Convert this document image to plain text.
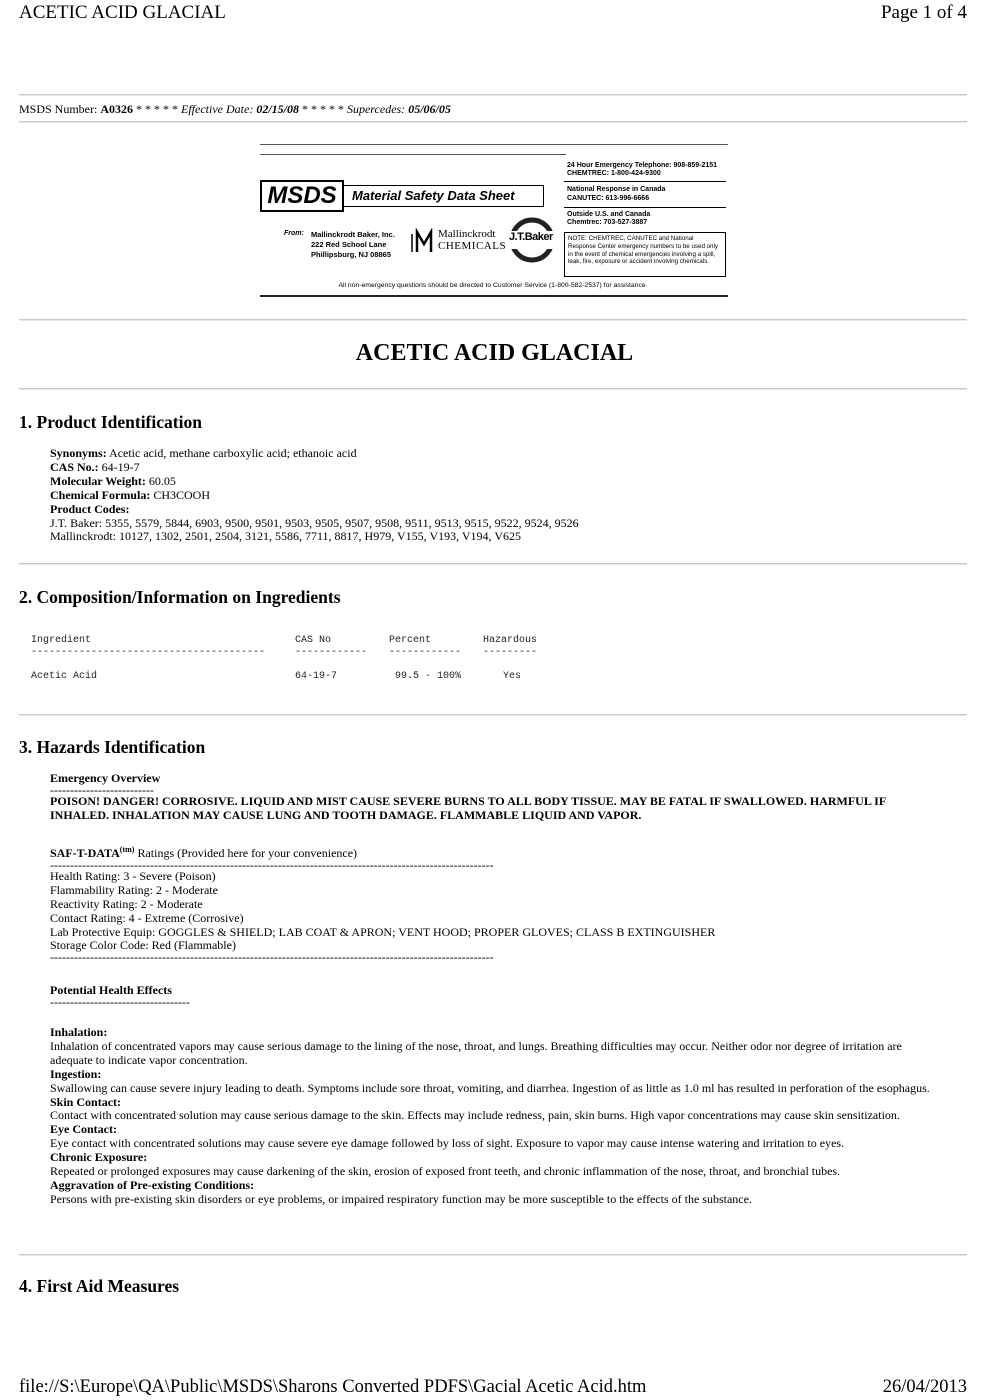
ACETIC ACID GLACIAL	Page 1 of 4
MSDS Number: A0326 * * * * * Effective Date: 02/15/08 * * * * * Supercedes: 05/06/05
MSDS	Material Safety Data Sheet
From: Mallinckrodt Baker, Inc.
222 Red School Lane
Phillipsburg, NJ 08865
Mallinckrodt
CHEMICALS
J.T.Baker
24 Hour Emergency Telephone: 908-859-2151
CHEMTREC: 1-800-424-9300
National Response in Canada
CANUTEC: 613-996-6666
Outside U.S. and Canada
Chemtrec: 703-527-3887
NOTE: CHEMTREC, CANUTEC and National Response Center emergency numbers to be used only in the event of chemical emergencies involving a spill, leak, fire, exposure or accident involving chemicals.
All non-emergency questions should be directed to Customer Service (1-800-582-2537) for assistance.
ACETIC ACID GLACIAL
1. Product Identification
Synonyms: Acetic acid, methane carboxylic acid; ethanoic acid
CAS No.: 64-19-7
Molecular Weight: 60.05
Chemical Formula: CH3COOH
Product Codes:
J.T. Baker: 5355, 5579, 5844, 6903, 9500, 9501, 9503, 9505, 9507, 9508, 9511, 9513, 9515, 9522, 9524, 9526
Mallinckrodt: 10127, 1302, 2501, 2504, 3121, 5586, 7711, 8817, H979, V155, V193, V194, V625
2. Composition/Information on Ingredients
Ingredient	CAS No	Percent	Hazardous
---------------------------------------	------------ ------------ ---------
Acetic Acid	64-19-7	99.5 - 100%	Yes
3. Hazards Identification
Emergency Overview
--------------------------
POISON! DANGER! CORROSIVE. LIQUID AND MIST CAUSE SEVERE BURNS TO ALL BODY TISSUE. MAY BE FATAL IF SWALLOWED. HARMFUL IF INHALED. INHALATION MAY CAUSE LUNG AND TOOTH DAMAGE. FLAMMABLE LIQUID AND VAPOR.
SAF-$T-DATA^{(tm)}$ Ratings (Provided here for your convenience)
---------------------------------------------------------------------------------------------------------------
Health Rating: 3 - Severe (Poison)
Flammability Rating: 2 - Moderate
Reactivity Rating: 2 - Moderate
Contact Rating: 4 - Extreme (Corrosive)
Lab Protective Equip: GOGGLES & SHIELD; LAB COAT & APRON; VENT HOOD; PROPER GLOVES; CLASS B EXTINGUISHER
Storage Color Code: Red (Flammable)
---------------------------------------------------------------------------------------------------------------
Potential Health Effects
-----------------------------------
Inhalation:
Inhalation of concentrated vapors may cause serious damage to the lining of the nose, throat, and lungs. Breathing difficulties may occur. Neither odor nor degree of irritation are adequate to indicate vapor concentration.
Ingestion:
Swallowing can cause severe injury leading to death. Symptoms include sore throat, vomiting, and diarrhea. Ingestion of as little as 1.0 ml has resulted in perforation of the esophagus.
Skin Contact:
Contact with concentrated solution may cause serious damage to the skin. Effects may include redness, pain, skin burns. High vapor concentrations may cause skin sensitization.
Eye Contact:
Eye contact with concentrated solutions may cause severe eye damage followed by loss of sight. Exposure to vapor may cause intense watering and irritation to eyes.
Chronic Exposure:
Repeated or prolonged exposures may cause darkening of the skin, erosion of exposed front teeth, and chronic inflammation of the nose, throat, and bronchial tubes.
Aggravation of Pre-existing Conditions:
Persons with pre-existing skin disorders or eye problems, or impaired respiratory function may be more susceptible to the effects of the substance.
4. First Aid Measures
file://S:\Europe\QA\Public\MSDS\Sharons Converted PDFS\Gacial Acetic Acid.htm	26/04/2013
